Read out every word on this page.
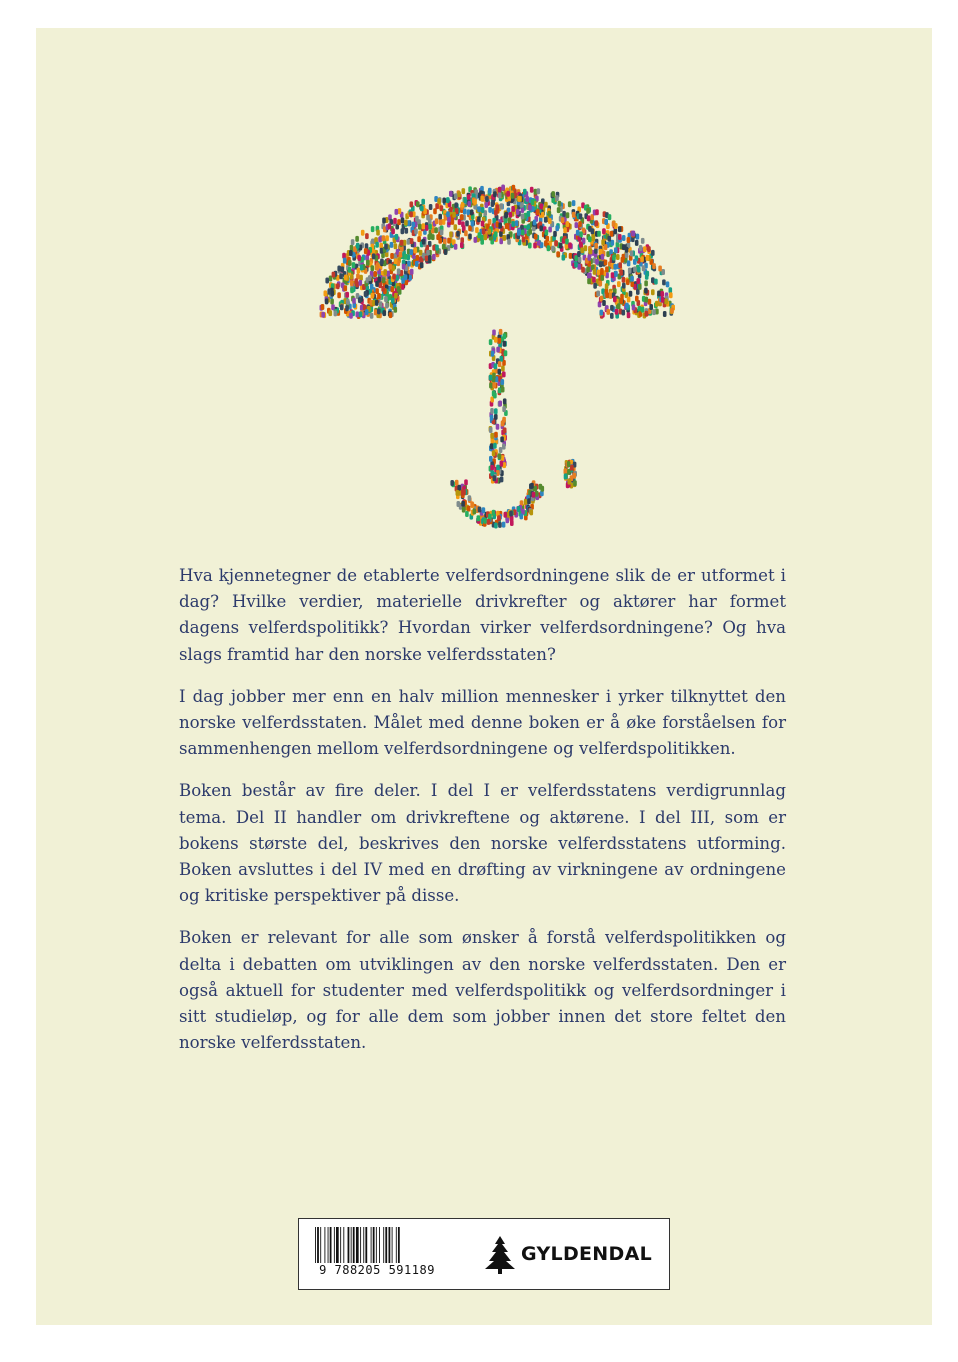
Hva kjennetegner de etablerte velferdsordningene slik de er utformet i dag? Hvilke verdier, materielle drivkrefter og aktører har formet dagens velferdspolitikk? Hvordan virker velferdsordningene? Og hva slags framtid har den norske velferdsstaten?

I dag jobber mer enn en halv million mennesker i yrker tilknyttet den norske velferdsstaten. Målet med denne boken er å øke forståelsen for sammenhengen mellom velferdsordningene og velferdspolitikken.

Boken består av fire deler. I del I er velferdsstatens verdigrunnlag tema. Del II handler om drivkreftene og aktørene. I del III, som er bokens største del, beskrives den norske velferdsstatens utforming. Boken avsluttes i del IV med en drøfting av virkningene av ordningene og kritiske perspektiver på disse.

Boken er relevant for alle som ønsker å forstå velferdspolitikken og delta i debatten om utviklingen av den norske velferdsstaten. Den er også aktuell for studenter med velferdspolitikk og velferdsordninger i sitt studieløp, og for alle dem som jobber innen det store feltet den norske velferdsstaten.

9 788205 591189
GYLDENDAL
